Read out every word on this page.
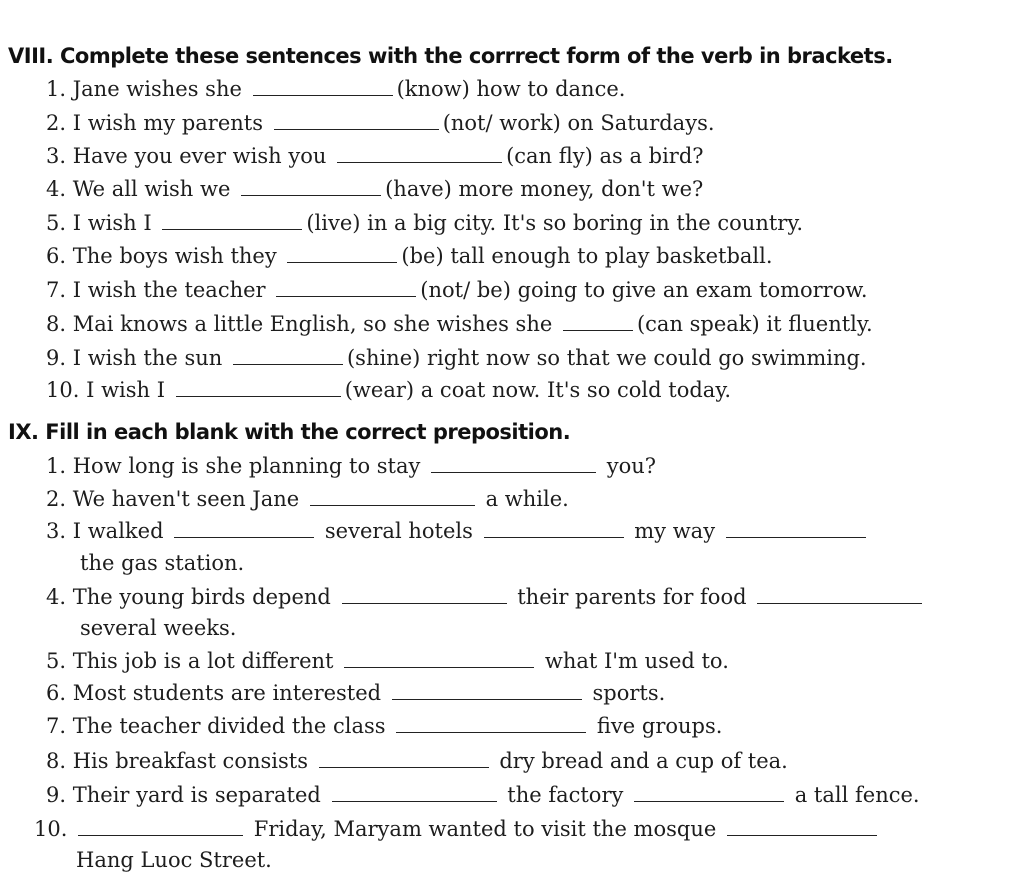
VIII. Complete these sentences with the corrrect form of the verb in brackets.
1. Jane wishes she	(know) how to dance.
2. I wish my parents	(not/ work) on Saturdays.
3. Have you ever wish you	(can fly) as a bird?
4. We all wish we	(have) more money, don't we?
5. I wish I	(live) in a big city. It's so boring in the country.
6. The boys wish they	(be) tall enough to play basketball.
7. I wish the teacher	(not/ be) going to give an exam tomorrow.
8. Mai knows a little English, so she wishes she	(can speak) it fluently.
9. I wish the sun	(shine) right now so that we could go swimming.
10. I wish I	(wear) a coat now. It's so cold today.
IX. Fill in each blank with the correct preposition.
1. How long is she planning to stay	you?
2. We haven't seen Jane	a while.
3. I walked	several hotels	my way
the gas station.
4. The young birds depend	their parents for food
several weeks.
5. This job is a lot different	what I'm used to.
6. Most students are interested	sports.
7. The teacher divided the class	five groups.
8. His breakfast consists	dry bread and a cup of tea.
9. Their yard is separated	the factory	a tall fence.
10.	Friday, Maryam wanted to visit the mosque
Hang Luoc Street.
